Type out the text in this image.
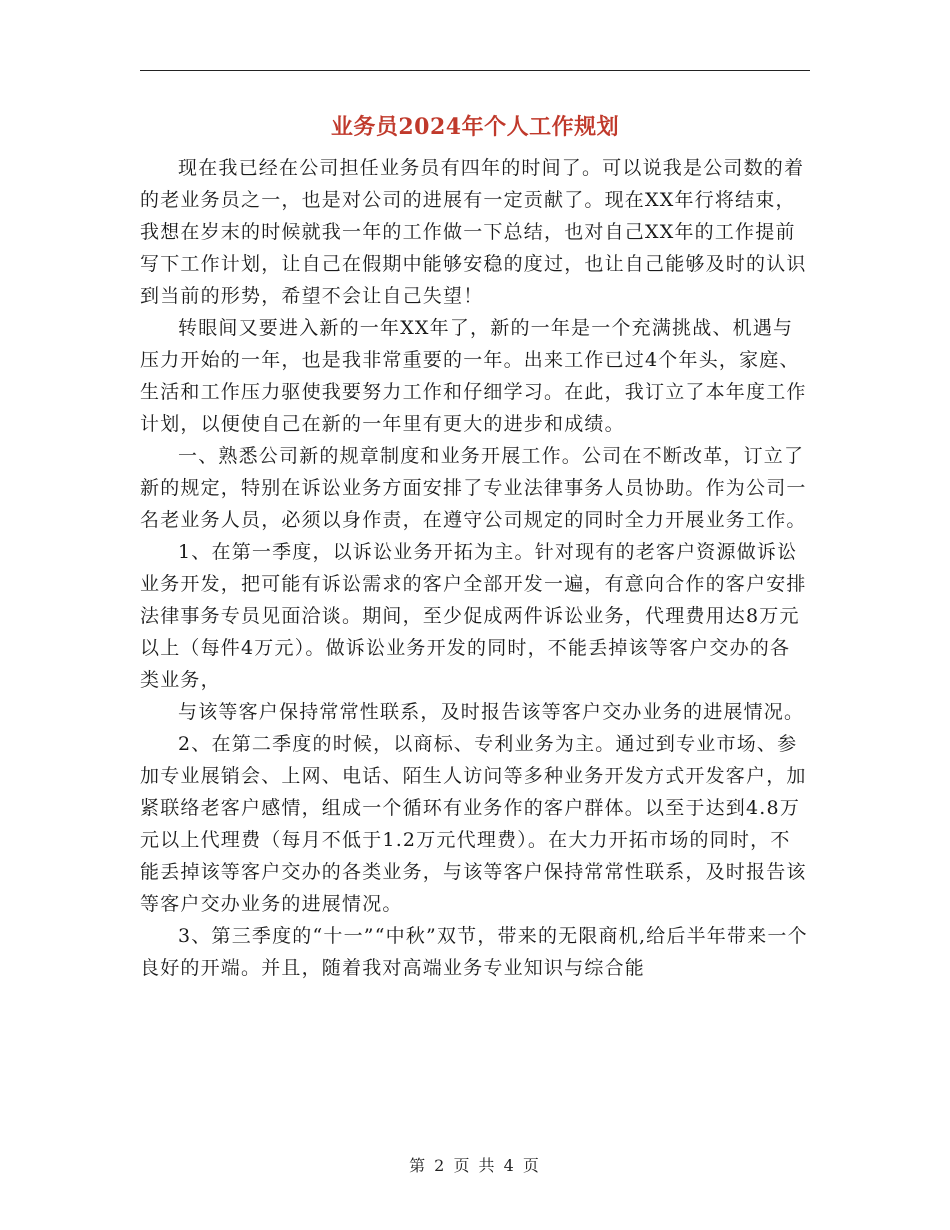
业务员2024年个人工作规划

现在我已经在公司担任业务员有四年的时间了。可以说我是公司数的着的老业务员之一，也是对公司的进展有一定贡献了。现在XX年行将结束，我想在岁末的时候就我一年的工作做一下总结，也对自己XX年的工作提前写下工作计划，让自己在假期中能够安稳的度过，也让自己能够及时的认识到当前的形势，希望不会让自己失望！

转眼间又要进入新的一年XX年了，新的一年是一个充满挑战、机遇与压力开始的一年，也是我非常重要的一年。出来工作已过4个年头，家庭、生活和工作压力驱使我要努力工作和仔细学习。在此，我订立了本年度工作计划，以便使自己在新的一年里有更大的进步和成绩。

一、熟悉公司新的规章制度和业务开展工作。公司在不断改革，订立了新的规定，特别在诉讼业务方面安排了专业法律事务人员协助。作为公司一名老业务人员，必须以身作责，在遵守公司规定的同时全力开展业务工作。

1、在第一季度，以诉讼业务开拓为主。针对现有的老客户资源做诉讼业务开发，把可能有诉讼需求的客户全部开发一遍，有意向合作的客户安排法律事务专员见面洽谈。期间，至少促成两件诉讼业务，代理费用达8万元以上（每件4万元）。做诉讼业务开发的同时，不能丢掉该等客户交办的各类业务，

与该等客户保持常常性联系，及时报告该等客户交办业务的进展情况。

2、在第二季度的时候，以商标、专利业务为主。通过到专业市场、参加专业展销会、上网、电话、陌生人访问等多种业务开发方式开发客户，加紧联络老客户感情，组成一个循环有业务作的客户群体。以至于达到4.8万元以上代理费（每月不低于1.2万元代理费）。在大力开拓市场的同时，不能丢掉该等客户交办的各类业务，与该等客户保持常常性联系，及时报告该等客户交办业务的进展情况。

3、第三季度的“十一”“中秋”双节，带来的无限商机,给后半年带来一个良好的开端。并且，随着我对高端业务专业知识与综合能

第 2 页 共 4 页
